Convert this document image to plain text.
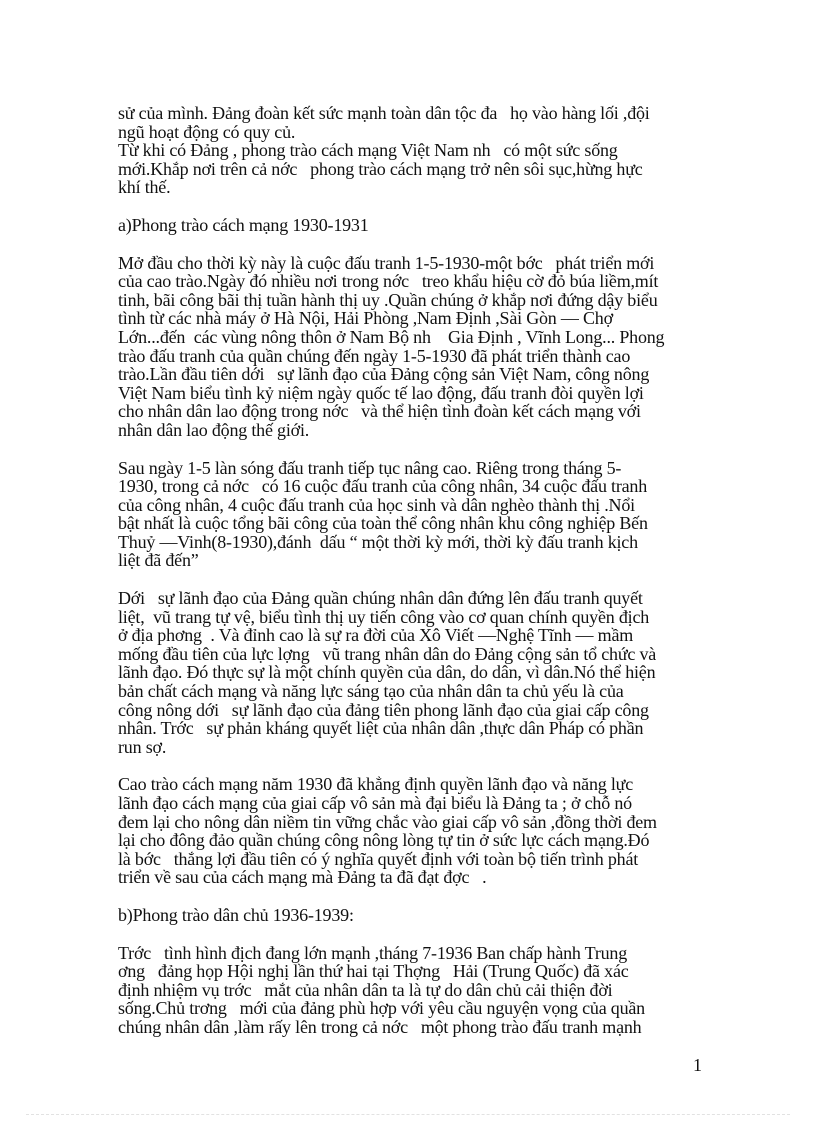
sử của mình. Đảng đoàn kết sức mạnh toàn dân tộc đa   họ vào hàng lối ,đội
ngũ hoạt động có quy củ.
Từ khi có Đảng , phong trào cách mạng Việt Nam nh   có một sức sống
mới.Khắp nơi trên cả nớc   phong trào cách mạng trở nên sôi sục,hừng hực
khí thế.

a)Phong trào cách mạng 1930-1931

Mở đầu cho thời kỳ này là cuộc đấu tranh 1-5-1930-một bớc   phát triển mới
của cao trào.Ngày đó nhiều nơi trong nớc   treo khẩu hiệu cờ đỏ búa liềm,mít
tinh, bãi công bãi thị tuần hành thị uy .Quần chúng ở khắp nơi đứng dậy biểu
tình từ các nhà máy ở Hà Nội, Hải Phòng ,Nam Định ,Sài Gòn — Chợ
Lớn...đến  các vùng nông thôn ở Nam Bộ nh    Gia Định , Vĩnh Long... Phong
trào đấu tranh của quần chúng đến ngày 1-5-1930 đã phát triển thành cao
trào.Lần đầu tiên dới   sự lãnh đạo của Đảng cộng sản Việt Nam, công nông
Việt Nam biểu tình kỷ niệm ngày quốc tế lao động, đấu tranh đòi quyền lợi
cho nhân dân lao động trong nớc   và thể hiện tình đoàn kết cách mạng với
nhân dân lao động thế giới.

Sau ngày 1-5 làn sóng đấu tranh tiếp tục nâng cao. Riêng trong tháng 5-
1930, trong cả nớc   có 16 cuộc đấu tranh của công nhân, 34 cuộc đấu tranh
của công nhân, 4 cuộc đấu tranh của học sinh và dân nghèo thành thị .Nổi
bật nhất là cuộc tổng bãi công của toàn thể công nhân khu công nghiệp Bến
Thuỷ —Vinh(8-1930),đánh  dấu “ một thời kỳ mới, thời kỳ đấu tranh kịch
liệt đã đến”

Dới   sự lãnh đạo của Đảng quần chúng nhân dân đứng lên đấu tranh quyết
liệt,  vũ trang tự vệ, biểu tình thị uy tiến công vào cơ quan chính quyền địch
ở địa phơng  . Và đỉnh cao là sự ra đời của Xô Viết —Nghệ Tĩnh — mầm
mống đầu tiên của lực lợng   vũ trang nhân dân do Đảng cộng sản tổ chức và
lãnh đạo. Đó thực sự là một chính quyền của dân, do dân, vì dân.Nó thể hiện
bản chất cách mạng và năng lực sáng tạo của nhân dân ta chủ yếu là của
công nông dới   sự lãnh đạo của đảng tiên phong lãnh đạo của giai cấp công
nhân. Trớc   sự phản kháng quyết liệt của nhân dân ,thực dân Pháp có phần
run sợ.

Cao trào cách mạng năm 1930 đã khẳng định quyền lãnh đạo và năng lực
lãnh đạo cách mạng của giai cấp vô sản mà đại biểu là Đảng ta ; ở chỗ nó
đem lại cho nông dân niềm tin vững chắc vào giai cấp vô sản ,đồng thời đem
lại cho đông đảo quần chúng công nông lòng tự tin ở sức lực cách mạng.Đó
là bớc   thắng lợi đầu tiên có ý nghĩa quyết định với toàn bộ tiến trình phát
triển về sau của cách mạng mà Đảng ta đã đạt đợc   .

b)Phong trào dân chủ 1936-1939:

Trớc   tình hình địch đang lớn mạnh ,tháng 7-1936 Ban chấp hành Trung
ơng   đảng họp Hội nghị lần thứ hai tại Thợng   Hải (Trung Quốc) đã xác
định nhiệm vụ trớc   mắt của nhân dân ta là tự do dân chủ cải thiện đời
sống.Chủ trơng   mới của đảng phù hợp với yêu cầu nguyện vọng của quần
chúng nhân dân ,làm rấy lên trong cả nớc   một phong trào đấu tranh mạnh

1
